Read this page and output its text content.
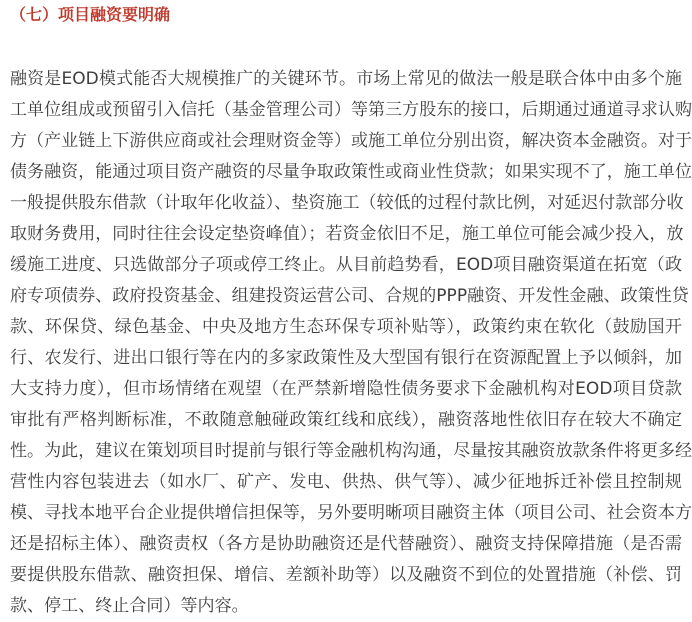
（七）项目融资要明确
融资是EOD模式能否大规模推广的关键环节。市场上常见的做法一般是联合体中由多个施
工单位组成或预留引入信托（基金管理公司）等第三方股东的接口，后期通过通道寻求认购
方（产业链上下游供应商或社会理财资金等）或施工单位分别出资，解决资本金融资。对于
债务融资，能通过项目资产融资的尽量争取政策性或商业性贷款；如果实现不了，施工单位
一般提供股东借款（计取年化收益）、垫资施工（较低的过程付款比例，对延迟付款部分收
取财务费用，同时往往会设定垫资峰值）；若资金依旧不足，施工单位可能会减少投入，放
缓施工进度、只选做部分子项或停工终止。从目前趋势看，EOD项目融资渠道在拓宽（政
府专项债券、政府投资基金、组建投资运营公司、合规的PPP融资、开发性金融、政策性贷
款、环保贷、绿色基金、中央及地方生态环保专项补贴等），政策约束在软化（鼓励国开
行、农发行、进出口银行等在内的多家政策性及大型国有银行在资源配置上予以倾斜，加
大支持力度），但市场情绪在观望（在严禁新增隐性债务要求下金融机构对EOD项目贷款
审批有严格判断标准，不敢随意触碰政策红线和底线），融资落地性依旧存在较大不确定
性。为此，建议在策划项目时提前与银行等金融机构沟通，尽量按其融资放款条件将更多经
营性内容包装进去（如水厂、矿产、发电、供热、供气等）、减少征地拆迁补偿且控制规
模、寻找本地平台企业提供增信担保等，另外要明晰项目融资主体（项目公司、社会资本方
还是招标主体）、融资责权（各方是协助融资还是代替融资）、融资支持保障措施（是否需
要提供股东借款、融资担保、增信、差额补助等）以及融资不到位的处置措施（补偿、罚
款、停工、终止合同）等内容。
